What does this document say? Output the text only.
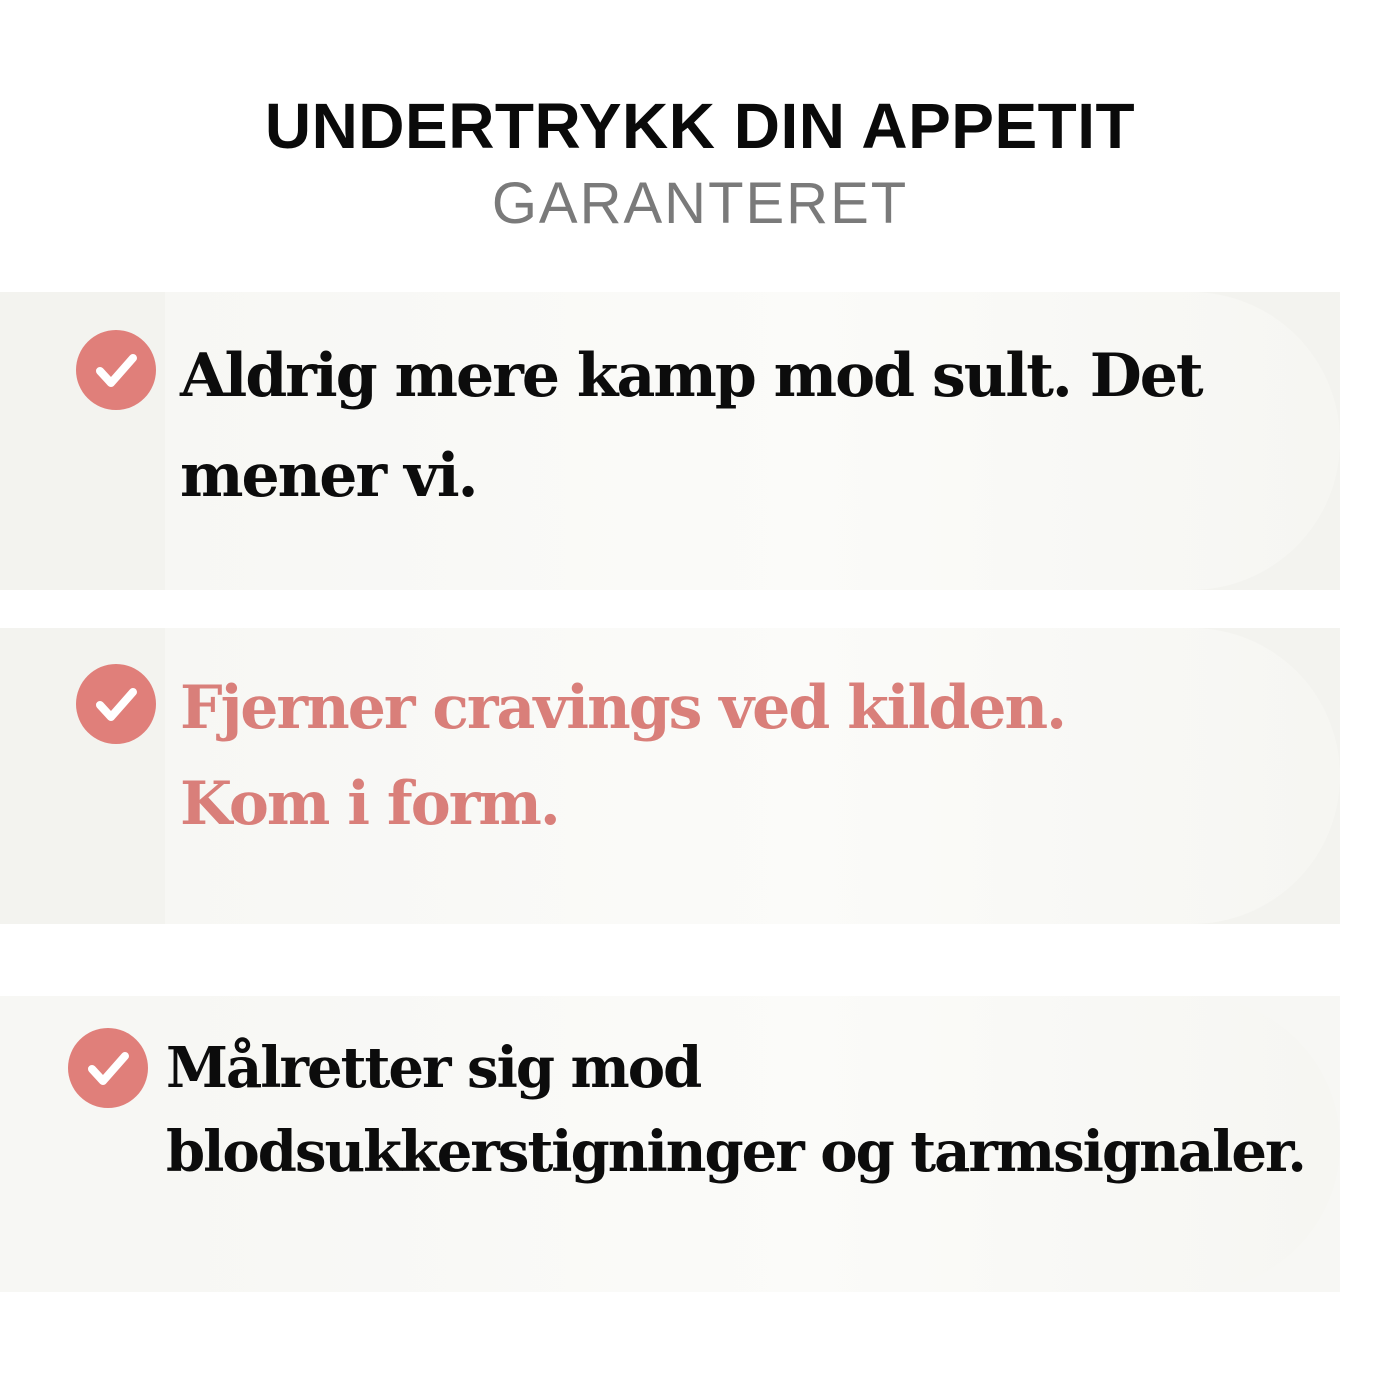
UNDERTRYKK DIN APPETIT
GARANTERET
Aldrig mere kamp mod sult. Det
mener vi.
Fjerner cravings ved kilden.
Kom i form.
Målretter sig mod
blodsukkerstigninger og tarmsignaler.
